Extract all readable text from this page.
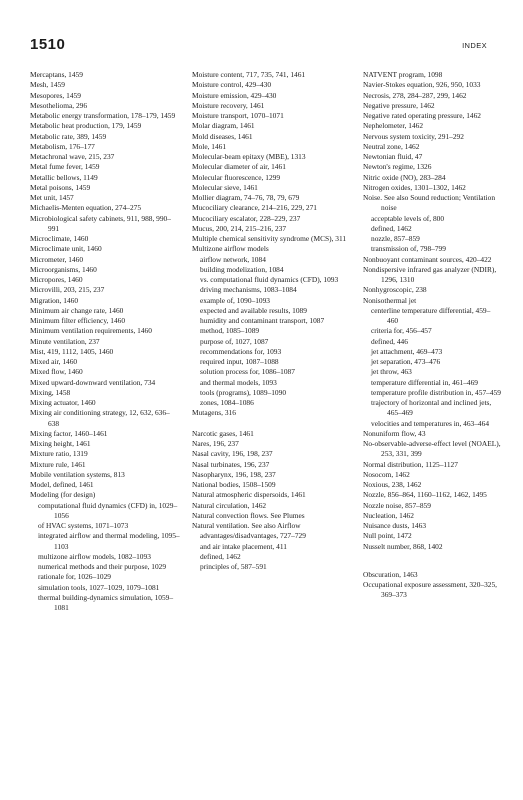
1510	INDEX
Mercaptans, 1459
Mesh, 1459
Mesopores, 1459
Mesothelioma, 296
Metabolic energy transformation, 178–179, 1459
Metabolic heat production, 179, 1459
Metabolic rate, 389, 1459
Metabolism, 176–177
Metachronal wave, 215, 237
Metal fume fever, 1459
Metallic bellows, 1149
Metal poisons, 1459
Met unit, 1457
Michaelis-Menten equation, 274–275
Microbiological safety cabinets, 911, 988, 990–991
Microclimate, 1460
Microclimate unit, 1460
Micrometer, 1460
Microorganisms, 1460
Micropores, 1460
Microvilli, 203, 215, 237
Migration, 1460
Minimum air change rate, 1460
Minimum filter efficiency, 1460
Minimum ventilation requirements, 1460
Minute ventilation, 237
Mist, 419, 1112, 1405, 1460
Mixed air, 1460
Mixed flow, 1460
Mixed upward-downward ventilation, 734
Mixing, 1458
Mixing actuator, 1460
Mixing air conditioning strategy, 12, 632, 636–638
Mixing factor, 1460–1461
Mixing height, 1461
Mixture ratio, 1319
Mixture rule, 1461
Mobile ventilation systems, 813
Model, defined, 1461
Modeling (for design)
computational fluid dynamics (CFD) in, 1029–1056
of HVAC systems, 1071–1073
integrated airflow and thermal modeling, 1095–1103
multizone airflow models, 1082–1093
numerical methods and their purpose, 1029
rationale for, 1026–1029
simulation tools, 1027–1029, 1079–1081
thermal building-dynamics simulation, 1059–1081
Moisture content, 717, 735, 741, 1461
Moisture control, 429–430
Moisture emission, 429–430
Moisture recovery, 1461
Moisture transport, 1070–1071
Molar diagram, 1461
Mold diseases, 1461
Mole, 1461
Molecular-beam epitaxy (MBE), 1313
Molecular diameter of air, 1461
Molecular fluorescence, 1299
Molecular sieve, 1461
Mollier diagram, 74–76, 78, 79, 679
Mucociliary clearance, 214–216, 229, 271
Mucociliary escalator, 228–229, 237
Mucus, 200, 214, 215–216, 237
Multiple chemical sensitivity syndrome (MCS), 311
Multizone airflow models
airflow network, 1084
building modelization, 1084
vs. computational fluid dynamics (CFD), 1093
driving mechanisms, 1083–1084
example of, 1090–1093
expected and available results, 1089
humidity and contaminant transport, 1087
method, 1085–1089
purpose of, 1027, 1087
recommendations for, 1093
required input, 1087–1088
solution process for, 1086–1087
and thermal models, 1093
tools (programs), 1089–1090
zones, 1084–1086
Mutagens, 316
Narcotic gases, 1461
Nares, 196, 237
Nasal cavity, 196, 198, 237
Nasal turbinates, 196, 237
Nasopharynx, 196, 198, 237
National bodies, 1508–1509
Natural atmospheric dispersoids, 1461
Natural circulation, 1462
Natural convection flows. See Plumes
Natural ventilation. See also Airflow
advantages/disadvantages, 727–729
and air intake placement, 411
defined, 1462
principles of, 587–591
NATVENT program, 1098
Navier-Stokes equation, 926, 950, 1033
Necrosis, 278, 284–287, 299, 1462
Negative pressure, 1462
Negative rated operating pressure, 1462
Nephelometer, 1462
Nervous system toxicity, 291–292
Neutral zone, 1462
Newtonian fluid, 47
Newton's regime, 1326
Nitric oxide (NO), 283–284
Nitrogen oxides, 1301–1302, 1462
Noise. See also Sound reduction; Ventilation noise
acceptable levels of, 800
defined, 1462
nozzle, 857–859
transmission of, 798–799
Nonbuoyant contaminant sources, 420–422
Nondispersive infrared gas analyzer (NDIR), 1296, 1310
Nonhygroscopic, 238
Nonisothermal jet
centerline temperature differential, 459–460
criteria for, 456–457
defined, 446
jet attachment, 469–473
jet separation, 473–476
jet throw, 463
temperature differential in, 461–469
temperature profile distribution in, 457–459
trajectory of horizontal and inclined jets, 465–469
velocities and temperatures in, 463–464
Nonuniform flow, 43
No-observable-adverse-effect level (NOAEL), 253, 331, 399
Normal distribution, 1125–1127
Nosocom, 1462
Noxious, 238, 1462
Nozzle, 856–864, 1160–1162, 1462, 1495
Nozzle noise, 857–859
Nucleation, 1462
Nuisance dusts, 1463
Null point, 1472
Nusselt number, 868, 1402
Obscuration, 1463
Occupational exposure assessment, 320–325, 369–373
